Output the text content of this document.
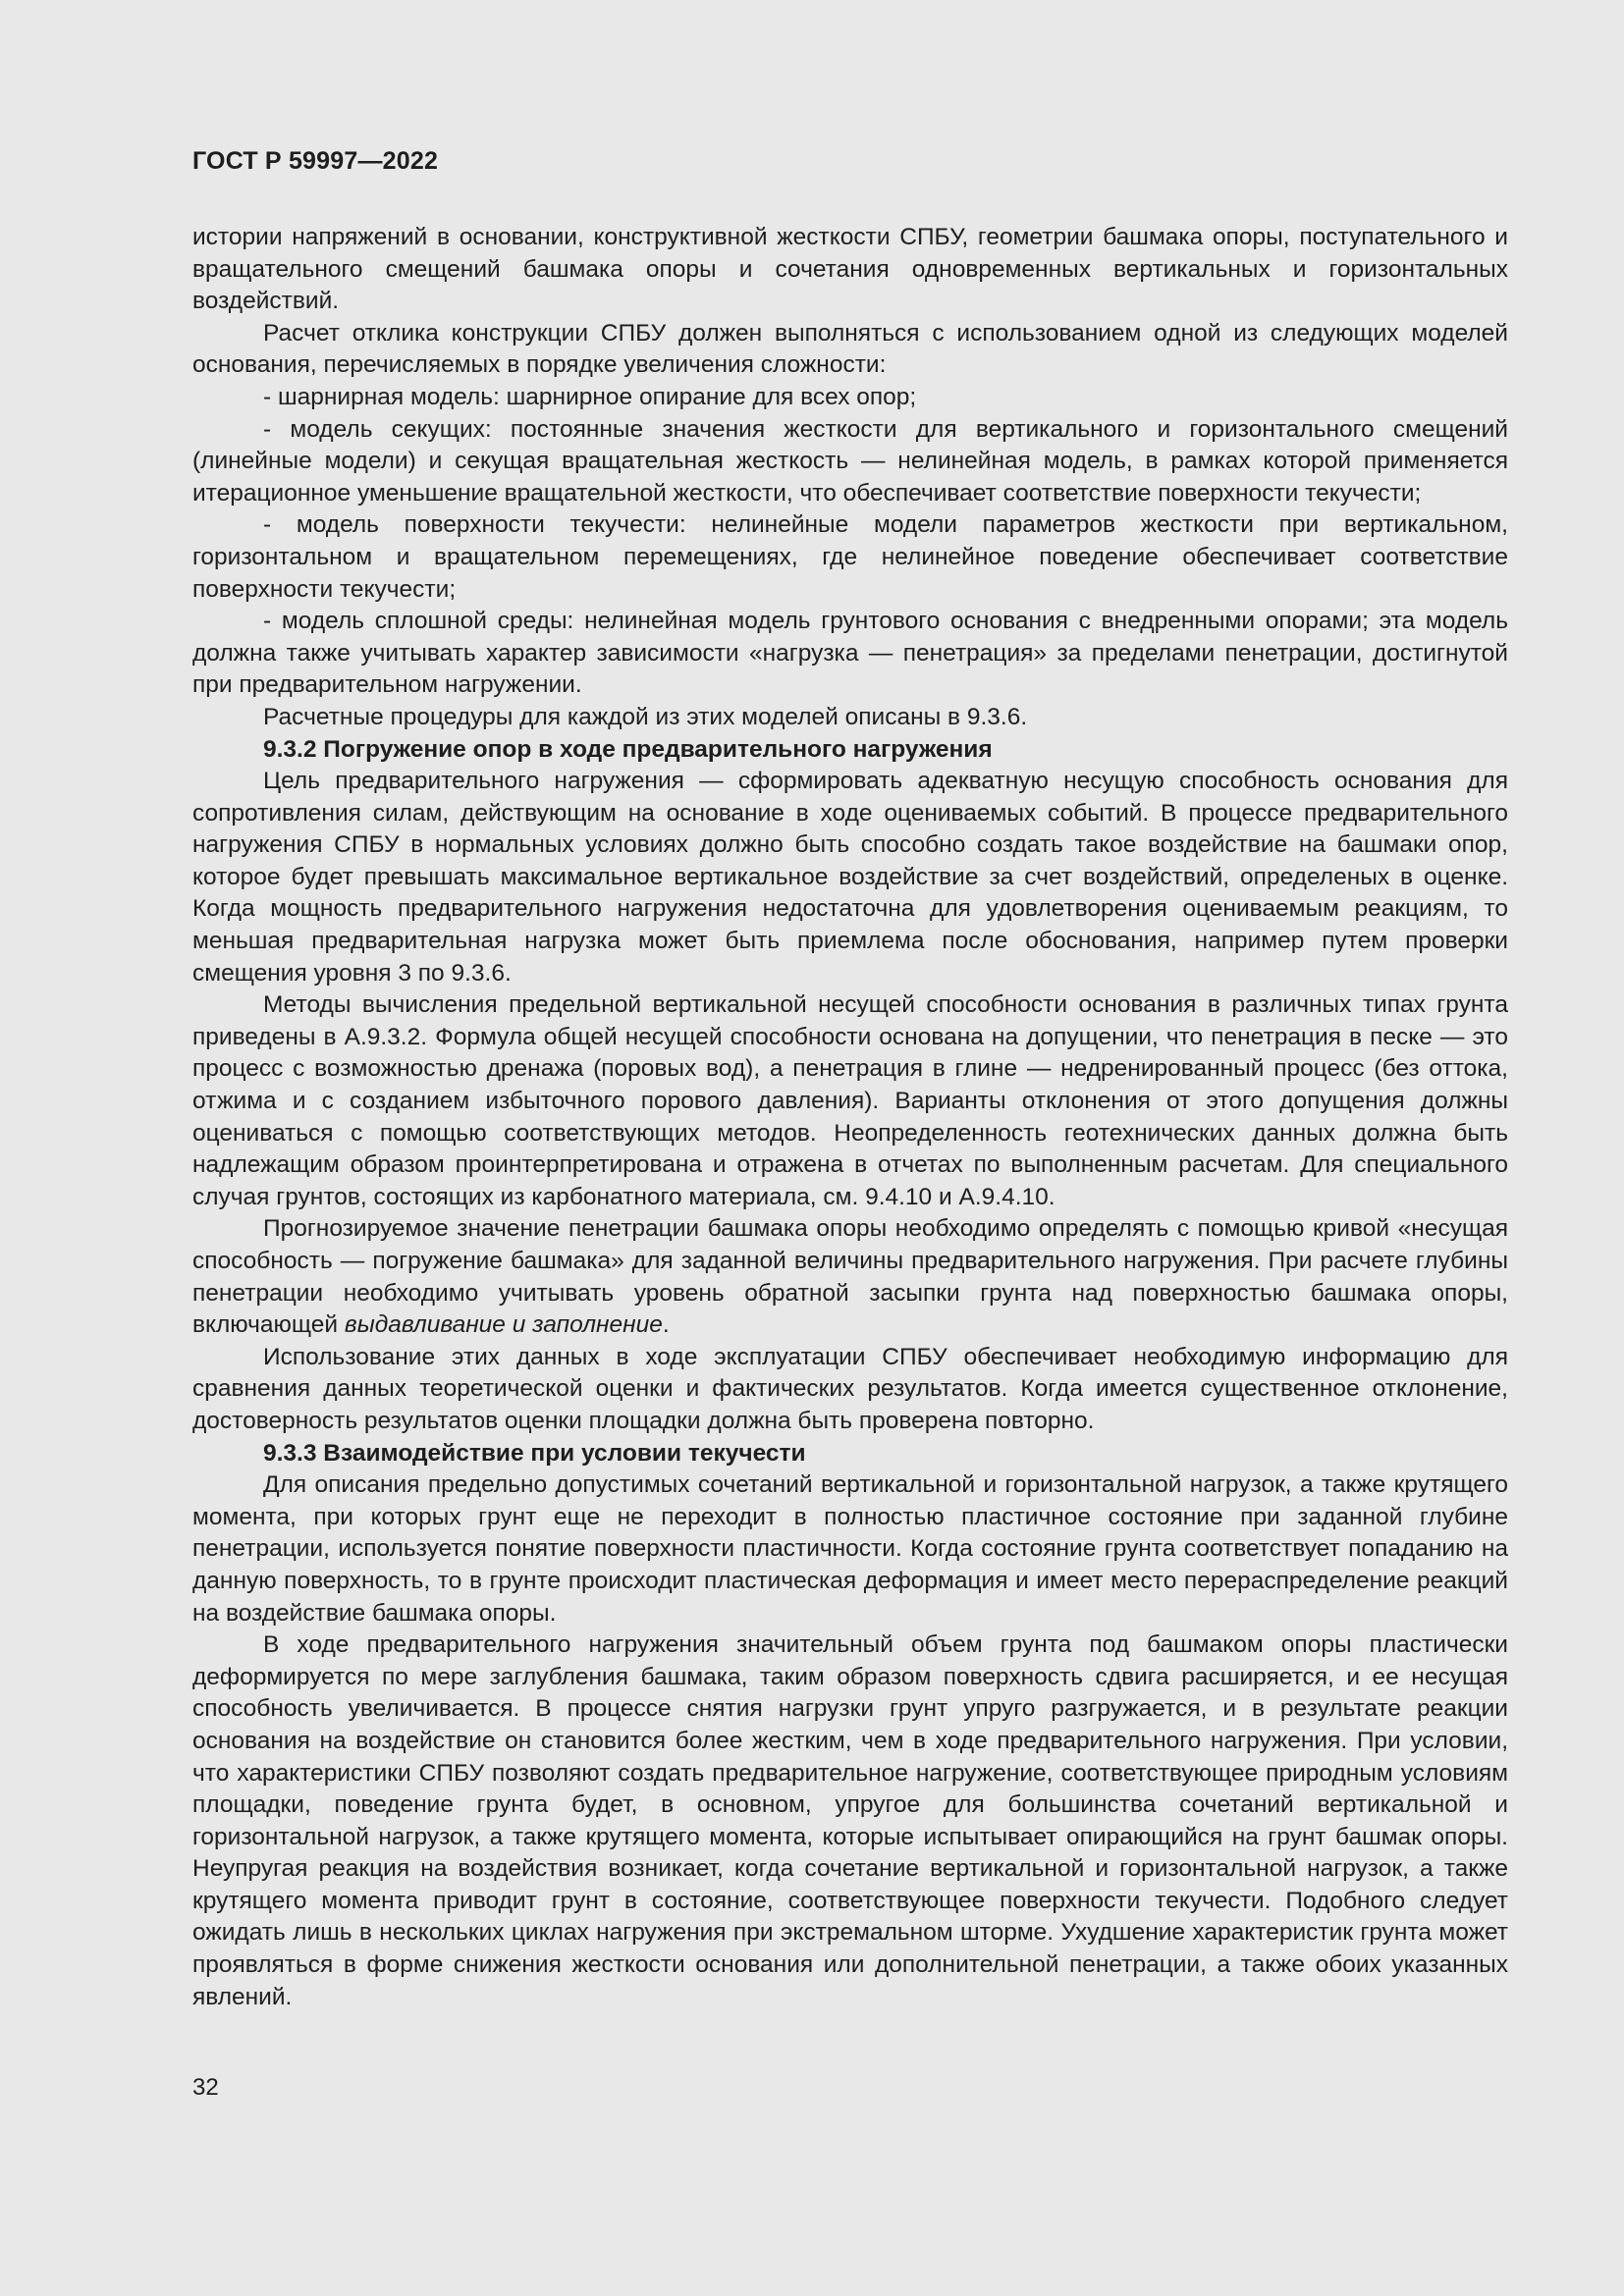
ГОСТ Р 59997—2022

истории напряжений в основании, конструктивной жесткости СПБУ, геометрии башмака опоры, поступательного и вращательного смещений башмака опоры и сочетания одновременных вертикальных и горизонтальных воздействий.

Расчет отклика конструкции СПБУ должен выполняться с использованием одной из следующих моделей основания, перечисляемых в порядке увеличения сложности:

- шарнирная модель: шарнирное опирание для всех опор;

- модель секущих: постоянные значения жесткости для вертикального и горизонтального смещений (линейные модели) и секущая вращательная жесткость — нелинейная модель, в рамках которой применяется итерационное уменьшение вращательной жесткости, что обеспечивает соответствие поверхности текучести;

- модель поверхности текучести: нелинейные модели параметров жесткости при вертикальном, горизонтальном и вращательном перемещениях, где нелинейное поведение обеспечивает соответствие поверхности текучести;

- модель сплошной среды: нелинейная модель грунтового основания с внедренными опорами; эта модель должна также учитывать характер зависимости «нагрузка — пенетрация» за пределами пенетрации, достигнутой при предварительном нагружении.

Расчетные процедуры для каждой из этих моделей описаны в 9.3.6.

9.3.2 Погружение опор в ходе предварительного нагружения

Цель предварительного нагружения — сформировать адекватную несущую способность основания для сопротивления силам, действующим на основание в ходе оцениваемых событий. В процессе предварительного нагружения СПБУ в нормальных условиях должно быть способно создать такое воздействие на башмаки опор, которое будет превышать максимальное вертикальное воздействие за счет воздействий, определеных в оценке. Когда мощность предварительного нагружения недостаточна для удовлетворения оцениваемым реакциям, то меньшая предварительная нагрузка может быть приемлема после обоснования, например путем проверки смещения уровня 3 по 9.3.6.

Методы вычисления предельной вертикальной несущей способности основания в различных типах грунта приведены в А.9.3.2. Формула общей несущей способности основана на допущении, что пенетрация в песке — это процесс с возможностью дренажа (поровых вод), а пенетрация в глине — недренированный процесс (без оттока, отжима и с созданием избыточного порового давления). Варианты отклонения от этого допущения должны оцениваться с помощью соответствующих методов. Неопределенность геотехнических данных должна быть надлежащим образом проинтерпретирована и отражена в отчетах по выполненным расчетам. Для специального случая грунтов, состоящих из карбонатного материала, см. 9.4.10 и А.9.4.10.

Прогнозируемое значение пенетрации башмака опоры необходимо определять с помощью кривой «несущая способность — погружение башмака» для заданной величины предварительного нагружения. При расчете глубины пенетрации необходимо учитывать уровень обратной засыпки грунта над поверхностью башмака опоры, включающей выдавливание и заполнение.

Использование этих данных в ходе эксплуатации СПБУ обеспечивает необходимую информацию для сравнения данных теоретической оценки и фактических результатов. Когда имеется существенное отклонение, достоверность результатов оценки площадки должна быть проверена повторно.

9.3.3 Взаимодействие при условии текучести

Для описания предельно допустимых сочетаний вертикальной и горизонтальной нагрузок, а также крутящего момента, при которых грунт еще не переходит в полностью пластичное состояние при заданной глубине пенетрации, используется понятие поверхности пластичности. Когда состояние грунта соответствует попаданию на данную поверхность, то в грунте происходит пластическая деформация и имеет место перераспределение реакций на воздействие башмака опоры.

В ходе предварительного нагружения значительный объем грунта под башмаком опоры пластически деформируется по мере заглубления башмака, таким образом поверхность сдвига расширяется, и ее несущая способность увеличивается. В процессе снятия нагрузки грунт упруго разгружается, и в результате реакции основания на воздействие он становится более жестким, чем в ходе предварительного нагружения. При условии, что характеристики СПБУ позволяют создать предварительное нагружение, соответствующее природным условиям площадки, поведение грунта будет, в основном, упругое для большинства сочетаний вертикальной и горизонтальной нагрузок, а также крутящего момента, которые испытывает опирающийся на грунт башмак опоры. Неупругая реакция на воздействия возникает, когда сочетание вертикальной и горизонтальной нагрузок, а также крутящего момента приводит грунт в состояние, соответствующее поверхности текучести. Подобного следует ожидать лишь в нескольких циклах нагружения при экстремальном шторме. Ухудшение характеристик грунта может проявляться в форме снижения жесткости основания или дополнительной пенетрации, а также обоих указанных явлений.

32
